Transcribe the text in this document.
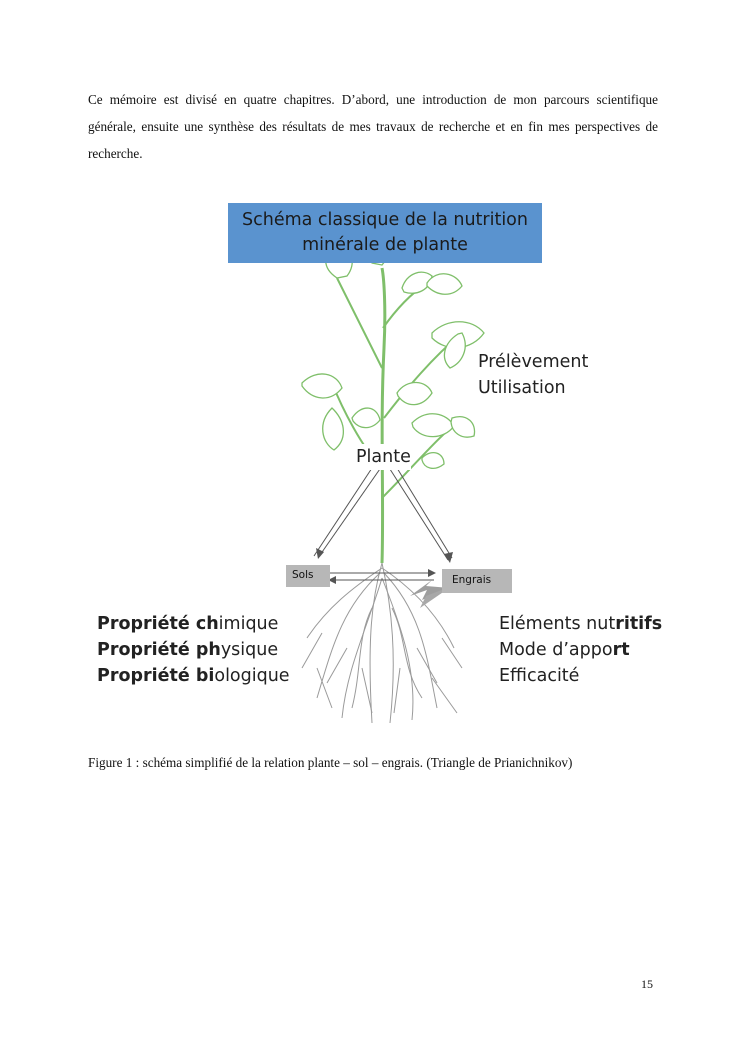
Ce mémoire est divisé en quatre chapitres. D’abord, une introduction de mon parcours scientifique générale, ensuite une synthèse des résultats de mes travaux de recherche et en fin mes perspectives de recherche.

Schéma classique de la nutrition
minérale de plante
Prélèvement
Utilisation
Plante
Sols	Engrais
Propriété chimique
Propriété physique
Propriété biologique
Eléments nutritifs
Mode d’apport
Efficacité

Figure 1 : schéma simplifié de la relation plante – sol – engrais. (Triangle de Prianichnikov)

15
